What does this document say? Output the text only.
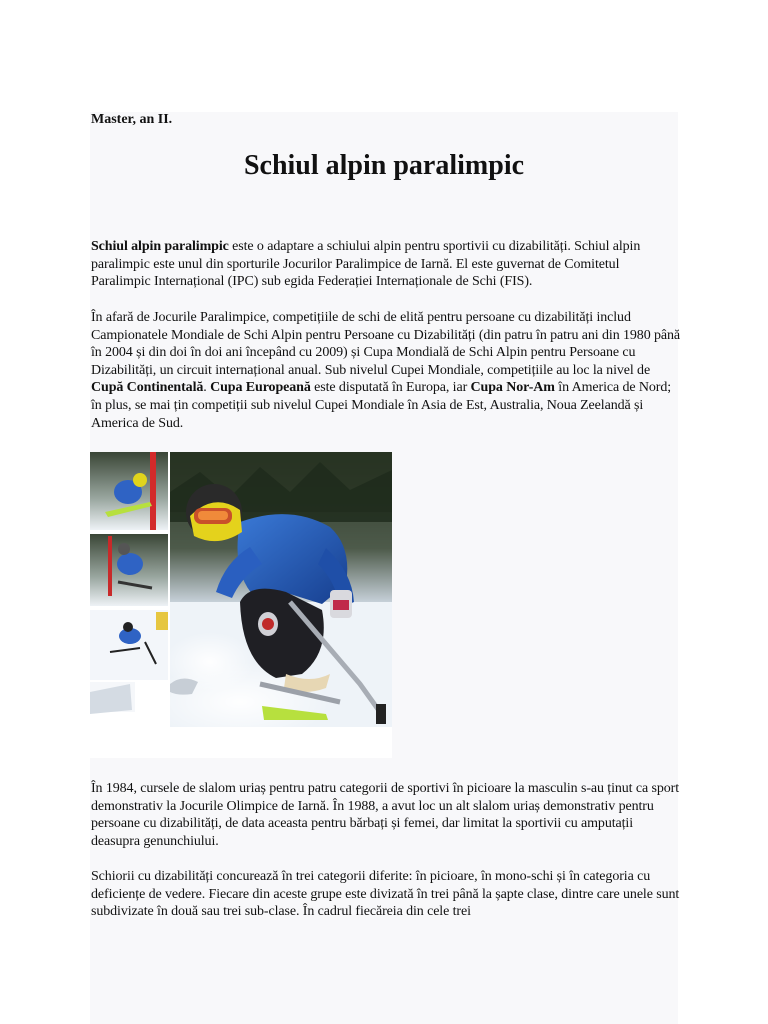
Master, an II.

Schiul alpin paralimpic

Schiul alpin paralimpic este o adaptare a schiului alpin pentru sportivii cu dizabilități. Schiul alpin paralimpic este unul din sporturile Jocurilor Paralimpice de Iarnă. El este guvernat de Comitetul Paralimpic Internațional (IPC) sub egida Federației Internaționale de Schi (FIS).

În afară de Jocurile Paralimpice, competițiile de schi de elită pentru persoane cu dizabilități includ Campionatele Mondiale de Schi Alpin pentru Persoane cu Dizabilități (din patru în patru ani din 1980 până în 2004 și din doi în doi ani începând cu 2009) și Cupa Mondială de Schi Alpin pentru Persoane cu Dizabilități, un circuit internațional anual. Sub nivelul Cupei Mondiale, competițiile au loc la nivel de Cupă Continentală. Cupa Europeană este disputată în Europa, iar Cupa Nor-Am în America de Nord; în plus, se mai țin competiții sub nivelul Cupei Mondiale în Asia de Est, Australia, Noua Zeelandă și America de Sud.

În 1984, cursele de slalom uriaș pentru patru categorii de sportivi în picioare la masculin s-au ținut ca sport demonstrativ la Jocurile Olimpice de Iarnă. În 1988, a avut loc un alt slalom uriaș demonstrativ pentru persoane cu dizabilități, de data aceasta pentru bărbați și femei, dar limitat la sportivii cu amputații deasupra genunchiului.

Schiorii cu dizabilități concurează în trei categorii diferite: în picioare, în mono-schi și în categoria cu deficiențe de vedere. Fiecare din aceste grupe este divizată în trei până la șapte clase, dintre care unele sunt subdivizate în două sau trei sub-clase. În cadrul fiecăreia din cele trei
